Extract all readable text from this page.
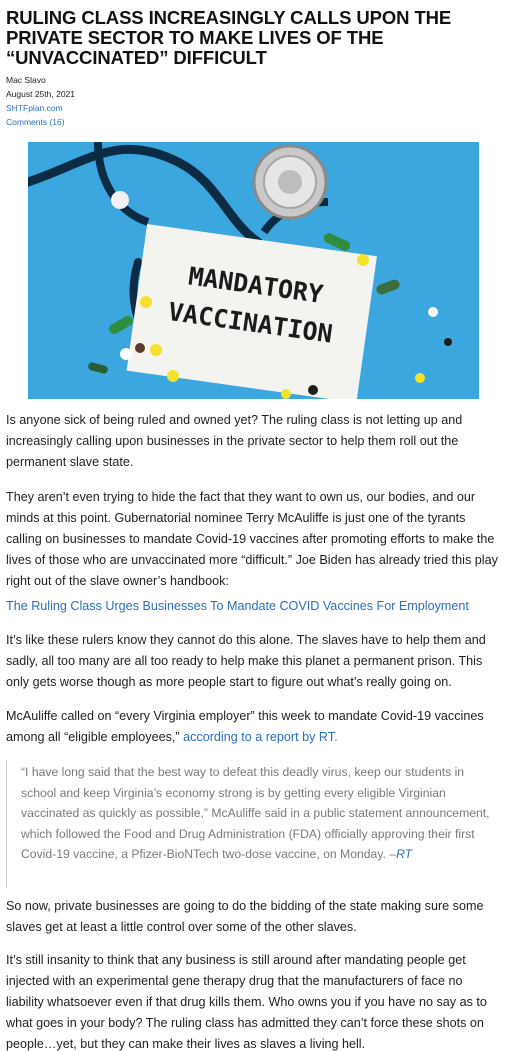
RULING CLASS INCREASINGLY CALLS UPON THE PRIVATE SECTOR TO MAKE LIVES OF THE “UNVACCINATED” DIFFICULT
Mac Slavo
August 25th, 2021
SHTFplan.com
Comments (16)
MANDATORY
VACCINATION

Is anyone sick of being ruled and owned yet? The ruling class is not letting up and increasingly calling upon businesses in the private sector to help them roll out the permanent slave state.

They aren’t even trying to hide the fact that they want to own us, our bodies, and our minds at this point. Gubernatorial nominee Terry McAuliffe is just one of the tyrants calling on businesses to mandate Covid-19 vaccines after promoting efforts to make the lives of those who are unvaccinated more “difficult.” Joe Biden has already tried this play right out of the slave owner’s handbook:

The Ruling Class Urges Businesses To Mandate COVID Vaccines For Employment

It’s like these rulers know they cannot do this alone. The slaves have to help them and sadly, all too many are all too ready to help make this planet a permanent prison. This only gets worse though as more people start to figure out what’s really going on.

McAuliffe called on “every Virginia employer” this week to mandate Covid-19 vaccines among all “eligible employees,” according to a report by RT.

“I have long said that the best way to defeat this deadly virus, keep our students in school and keep Virginia’s economy strong is by getting every eligible Virginian vaccinated as quickly as possible,” McAuliffe said in a public statement announcement, which followed the Food and Drug Administration (FDA) officially approving their first Covid-19 vaccine, a Pfizer-BioNTech two-dose vaccine, on Monday. –RT

So now, private businesses are going to do the bidding of the state making sure some slaves get at least a little control over some of the other slaves.

It’s still insanity to think that any business is still around after mandating people get injected with an experimental gene therapy drug that the manufacturers of face no liability whatsoever even if that drug kills them. Who owns you if you have no say as to what goes in your body? The ruling class has admitted they can’t force these shots on people…yet, but they can make their lives as slaves a living hell.
